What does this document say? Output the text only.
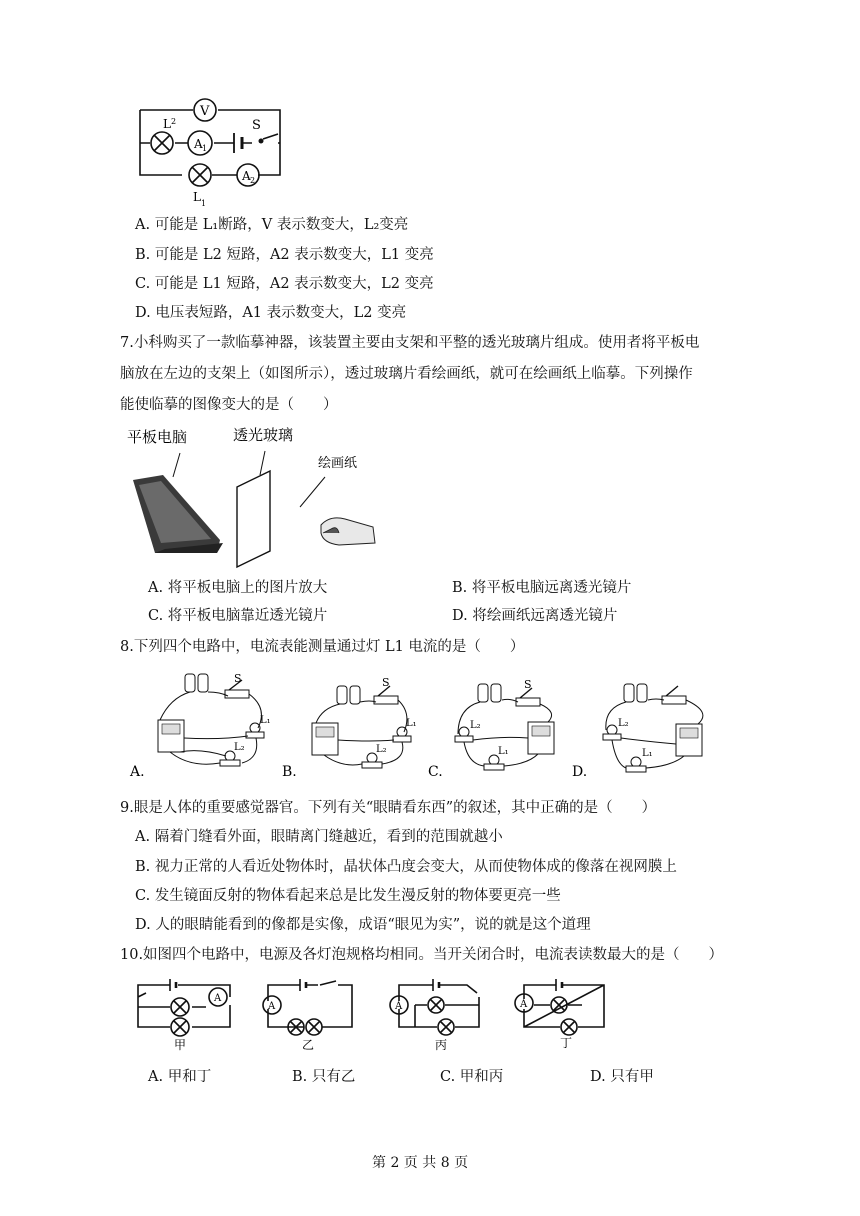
V
A 1
A 2
L 2	S
L 1
A. 可能是 L₁断路，V 表示数变大，L₂变亮
B. 可能是 L2 短路，A2 表示数变大，L1 变亮
C. 可能是 L1 短路，A2 表示数变大，L2 变亮
D. 电压表短路，A1 表示数变大，L2 变亮
7.小科购买了一款临摹神器，该装置主要由支架和平整的透光玻璃片组成。使用者将平板电
脑放在左边的支架上（如图所示），透过玻璃片看绘画纸，就可在绘画纸上临摹。下列操作
能使临摹的图像变大的是（　　）
平板电脑	透光玻璃
绘画纸
A. 将平板电脑上的图片放大	B. 将平板电脑远离透光镜片
C. 将平板电脑靠近透光镜片	D. 将绘画纸远离透光镜片
8.下列四个电路中，电流表能测量通过灯 L1 电流的是（　　）
A.
S
L₁
L₂
B.
S
L₁
L₂
C.
S
L₂
L₁
D.
L₂
L₁
9.眼是人体的重要感觉器官。下列有关“眼睛看东西”的叙述，其中正确的是（　　）
A. 隔着门缝看外面，眼睛离门缝越近，看到的范围就越小
B. 视力正常的人看近处物体时，晶状体凸度会变大，从而使物体成的像落在视网膜上
C. 发生镜面反射的物体看起来总是比发生漫反射的物体要更亮一些
D. 人的眼睛能看到的像都是实像，成语“眼见为实”，说的就是这个道理
10.如图四个电路中，电源及各灯泡规格均相同。当开关闭合时，电流表读数最大的是（　　）
A
甲
A
乙
A
丙
A
丁
A. 甲和丁	B. 只有乙	C. 甲和丙	D. 只有甲
第 2 页 共 8 页
